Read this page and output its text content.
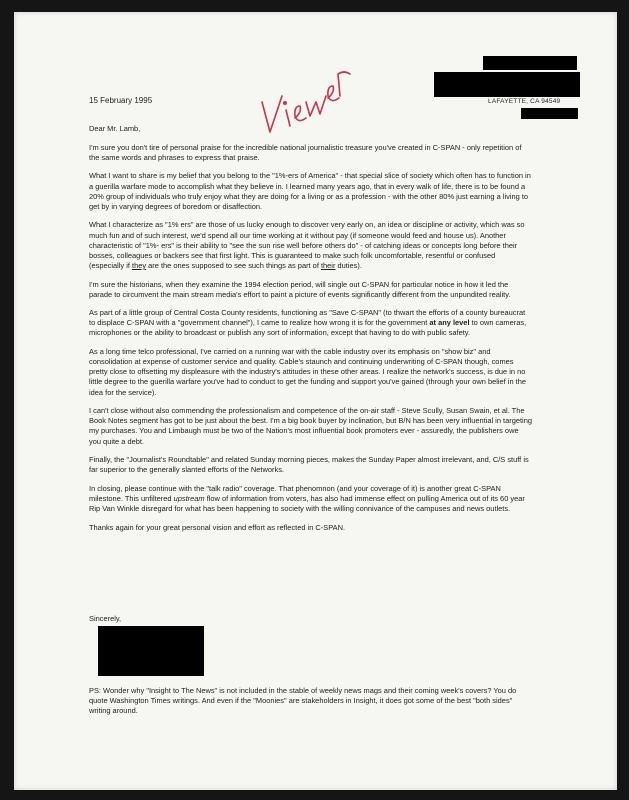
15 February 1995	LAFAYETTE, CA 94549

Dear Mr. Lamb,

I'm sure you don't tire of personal praise for the incredible national journalistic treasure you've created in C-SPAN - only repetition of the same words and phrases to express that praise.

What I want to share is my belief that you belong to the "1%-ers of America" - that special slice of society which often has to function in a guerilla warfare mode to accomplish what they believe in. I learned many years ago, that in every walk of life, there is to be found a 20% group of individuals who truly enjoy what they are doing for a living or as a profession - with the other 80% just earning a living to get by in varying degrees of boredom or disaffection.

What I characterize as "1% ers" are those of us lucky enough to discover very early on, an idea or discipline or activity, which was so much fun and of such interest, we'd spend all our time working at it without pay (if someone would feed and house us). Another characteristic of "1%- ers" is their ability to "see the sun rise well before others do" - of catching ideas or concepts long before their bosses, colleagues or backers see that first light. This is guaranteed to make such folk uncomfortable, resentful or confused (especially if they are the ones supposed to see such things as part of their duties).

I'm sure the historians, when they examine the 1994 election period, will single out C-SPAN for particular notice in how it led the parade to circumvent the main stream media's effort to paint a picture of events significantly different from the unpundited reality.

As part of a little group of Central Costa County residents, functioning as "Save C-SPAN" (to thwart the efforts of a county bureaucrat to displace C-SPAN with a "government channel"), I came to realize how wrong it is for the government at any level to own cameras, microphones or the ability to broadcast or publish any sort of information, except that having to do with public safety.

As a long time telco professional, I've carried on a running war with the cable industry over its emphasis on "show biz" and consolidation at expense of customer service and quality. Cable's staunch and continuing underwriting of C-SPAN though, comes pretty close to offsetting my displeasure with the industry's attitudes in these other areas. I realize the network's success, is due in no little degree to the guerilla warfare you've had to conduct to get the funding and support you've gained (through your own belief in the idea for the service).

I can't close without also commending the professionalism and competence of the on-air staff - Steve Scully, Susan Swain, et al. The Book Notes segment has got to be just about the best. I'm a big book buyer by inclination, but B/N has been very influential in targeting my purchases. You and Limbaugh must be two of the Nation's most influential book promoters ever - assuredly, the publishers owe you quite a debt.

Finally, the "Journalist's Roundtable" and related Sunday morning pieces, makes the Sunday Paper almost irrelevant, and, C/S stuff is far superior to the generally slanted efforts of the Networks.

In closing, please continue with the "talk radio" coverage. That phenomnon (and your coverage of it) is another great C-SPAN milestone. This unfiltered upstream flow of information from voters, has also had immense effect on pulling America out of its 60 year Rip Van Winkle disregard for what has been happening to society with the willing connivance of the campuses and news outlets.

Thanks again for your great personal vision and effort as reflected in C-SPAN.

Sincerely,
PS: Wonder why "Insight to The News" is not included in the stable of weekly news mags and their coming week's covers? You do quote Washington Times writings. And even if the "Moonies" are stakeholders in Insight, it does got some of the best "both sides" writing around.
